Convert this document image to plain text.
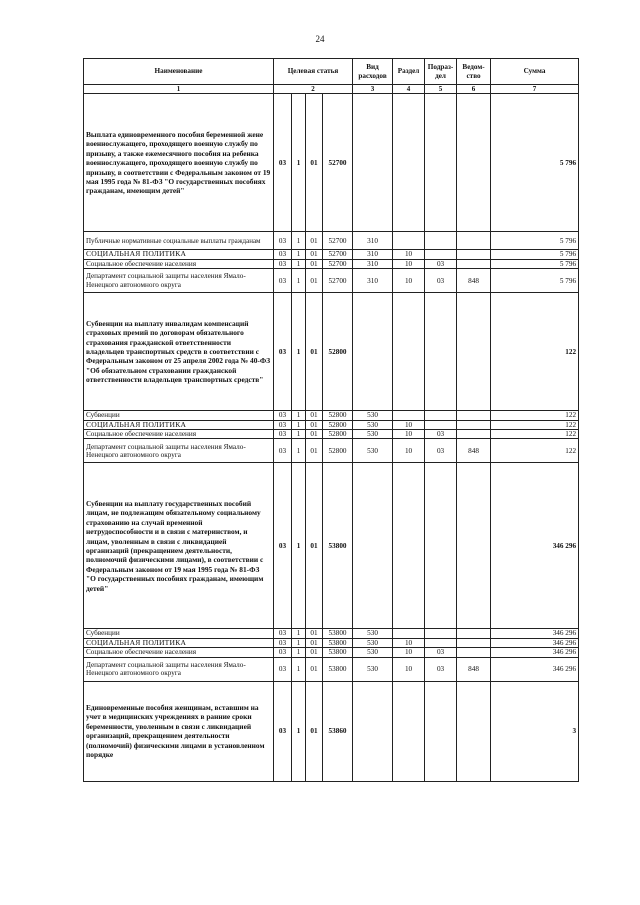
24
Наименование	Целевая статья				Вид расходов	Раздел	Подраз-дел	Ведом-ство	Сумма
1	2				3	4	5	6	7
Выплата единовременного пособия беременной жене военнослужащего, проходящего военную службу по призыву, а также ежемесячного пособия на ребенка военнослужащего, проходящего военную службу по призыву, в соответствии с Федеральным законом от 19 мая 1995 года № 81-ФЗ "О государственных пособиях гражданам, имеющим детей"	03	1	01	52700					5 796
Публичные нормативные социальные выплаты гражданам	03	1	01	52700	310				5 796
СОЦИАЛЬНАЯ ПОЛИТИКА	03	1	01	52700	310	10			5 796
Социальное обеспечение населения	03	1	01	52700	310	10	03		5 796
Департамент социальной защиты населения Ямало-Ненецкого автономного округа	03	1	01	52700	310	10	03	848	5 796
Субвенции на выплату инвалидам компенсаций страховых премий по договорам обязательного страхования гражданской ответственности владельцев транспортных средств в соответствии с Федеральным законом от 25 апреля 2002 года № 40-ФЗ "Об обязательном страховании гражданской ответственности владельцев транспортных средств"	03	1	01	52800					122
Субвенции	03	1	01	52800	530				122
СОЦИАЛЬНАЯ ПОЛИТИКА	03	1	01	52800	530	10			122
Социальное обеспечение населения	03	1	01	52800	530	10	03		122
Департамент социальной защиты населения Ямало-Ненецкого автономного округа	03	1	01	52800	530	10	03	848	122
Субвенции на выплату государственных пособий лицам, не подлежащим обязательному социальному страхованию на случай временной нетрудоспособности и в связи с материнством, и лицам, уволенным в связи с ликвидацией организаций (прекращением деятельности, полномочий физическими лицами), в соответствии с Федеральным законом от 19 мая 1995 года № 81-ФЗ "О государственных пособиях гражданам, имеющим детей"	03	1	01	53800					346 296
Субвенции	03	1	01	53800	530				346 296
СОЦИАЛЬНАЯ ПОЛИТИКА	03	1	01	53800	530	10			346 296
Социальное обеспечение населения	03	1	01	53800	530	10	03		346 296
Департамент социальной защиты населения Ямало-Ненецкого автономного округа	03	1	01	53800	530	10	03	848	346 296
Единовременные пособия женщинам, вставшим на учет в медицинских учреждениях в ранние сроки беременности, уволенным в связи с ликвидацией организаций, прекращением деятельности (полномочий) физическими лицами в установленном порядке	03	1	01	53860					3
